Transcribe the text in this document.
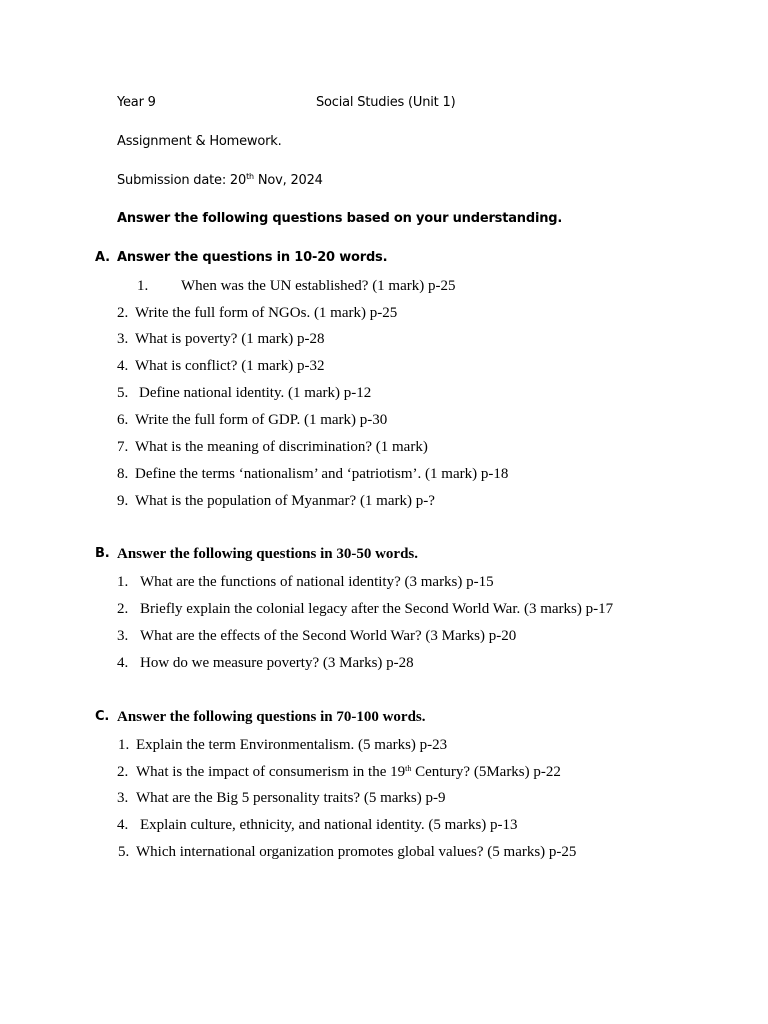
Year 9	Social Studies (Unit 1)
Assignment & Homework.
Submission date: 20th Nov, 2024
Answer the following questions based on your understanding.
A. Answer the questions in 10-20 words.
1. When was the UN established? (1 mark) p-25
2. Write the full form of NGOs. (1 mark) p-25
3. What is poverty? (1 mark) p-28
4. What is conflict? (1 mark) p-32
5. Define national identity. (1 mark) p-12
6. Write the full form of GDP. (1 mark) p-30
7. What is the meaning of discrimination? (1 mark)
8. Define the terms ‘nationalism’ and ‘patriotism’. (1 mark) p-18
9. What is the population of Myanmar? (1 mark) p-?
B. Answer the following questions in 30-50 words.
1. What are the functions of national identity? (3 marks) p-15
2. Briefly explain the colonial legacy after the Second World War. (3 marks) p-17
3. What are the effects of the Second World War? (3 Marks) p-20
4. How do we measure poverty? (3 Marks) p-28
C. Answer the following questions in 70-100 words.
1. Explain the term Environmentalism. (5 marks) p-23
2. What is the impact of consumerism in the 19th Century? (5Marks) p-22
3. What are the Big 5 personality traits? (5 marks) p-9
4. Explain culture, ethnicity, and national identity. (5 marks) p-13
5. Which international organization promotes global values? (5 marks) p-25
